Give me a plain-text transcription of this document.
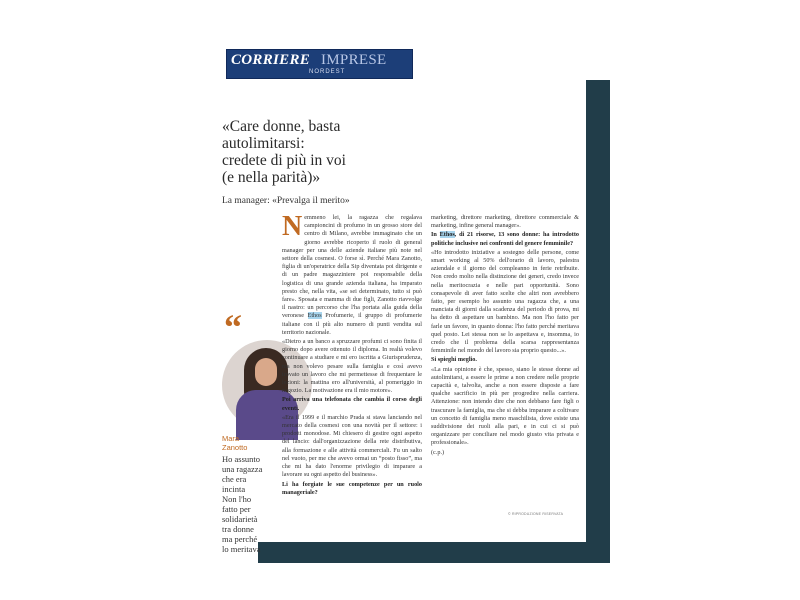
CORRIERE IMPRESE
NORDEST
«Care donne, basta
autolimitarsi:
credete di più in voi
(e nella parità)»
La manager: «Prevalga il merito»
“
Mara
Zanotto
Ho assunto
una ragazza
che era
incinta
Non l'ho
fatto per
solidarietà
tra donne
ma perché
lo meritava

Nemmeno lei, la ragazza che regalava campioncini di profumo in un grosso store del centro di Milano, avrebbe immaginato che un giorno avrebbe ricoperto il ruolo di general manager per una delle aziende italiane più note nel settore della cosmesi. O forse sì. Perché Mara Zanotto, figlia di un'operatrice della Sip diventata poi dirigente e di un padre magazziniere poi responsabile della logistica di una grande azienda italiana, ha imparato presto che, nella vita, «se sei determinato, tutto si può fare». Sposata e mamma di due figli, Zanotto riavvolge il nastro: un percorso che l'ha portata alla guida della veronese Ethos Profumerie, il gruppo di profumerie italiane con il più alto numero di punti vendita sul territorio nazionale.

«Dietro a un banco a spruzzare profumi ci sono finita il giorno dopo avere ottenuto il diploma. In realtà volevo continuare a studiare e mi ero iscritta a Giurisprudenza, ma non volevo pesare sulla famiglia e così avevo trovato un lavoro che mi permettesse di frequentare le lezioni: la mattina ero all'università, al pomeriggio in negozio. La motivazione era il mio motore».

Poi arriva una telefonata che cambia il corso degli eventi.

«Era il 1999 e il marchio Prada si stava lanciando nel mercato della cosmesi con una novità per il settore: i prodotti monodose. Mi chiesero di gestire ogni aspetto del lancio: dall'organizzazione della rete distributiva, alla formazione e alle attività commerciali. Fu un salto nel vuoto, per me che avevo ormai un “posto fisso”, ma che mi ha dato l'enorme privilegio di imparare a lavorare su ogni aspetto del business».

Li ha forgiate le sue competenze per un ruolo manageriale?

marketing, direttore marketing, direttore commerciale & marketing, infine general manager».

In Ethos, di 21 risorse, 13 sono donne: ha introdotto politiche inclusive nei confronti del genere femminile?

«Ho introdotto iniziative a sostegno delle persone, come smart working al 50% dell'orario di lavoro, palestra aziendale e il giorno del compleanno in ferie retribuite. Non credo molto nella distinzione dei generi, credo invece nella meritocrazia e nelle pari opportunità. Sono consapevole di aver fatto scelte che altri non avrebbero fatto, per esempio ho assunto una ragazza che, a una manciata di giorni dalla scadenza del periodo di prova, mi ha detto di aspettare un bambino. Ma non l'ho fatto per farle un favore, in quanto donna: l'ho fatto perché meritava quel posto. Lei stessa non se lo aspettava e, insomma, io credo che il problema della scarsa rappresentanza femminile nel mondo del lavoro sia proprio questo...».

Si spieghi meglio.

«La mia opinione è che, spesso, siano le stesse donne ad autolimitarsi, a essere le prime a non credere nelle proprie capacità e, talvolta, anche a non essere disposte a fare qualche sacrificio in più per progredire nella carriera. Attenzione: non intendo dire che non debbano fare figli o trascurare la famiglia, ma che si debba imparare a coltivare un concetto di famiglia meno maschilista, dove esiste una suddivisione dei ruoli alla pari, e in cui ci si può organizzare per conciliare nel modo giusto vita privata e professionale».

(c.p.)

© RIPRODUZIONE RISERVATA
